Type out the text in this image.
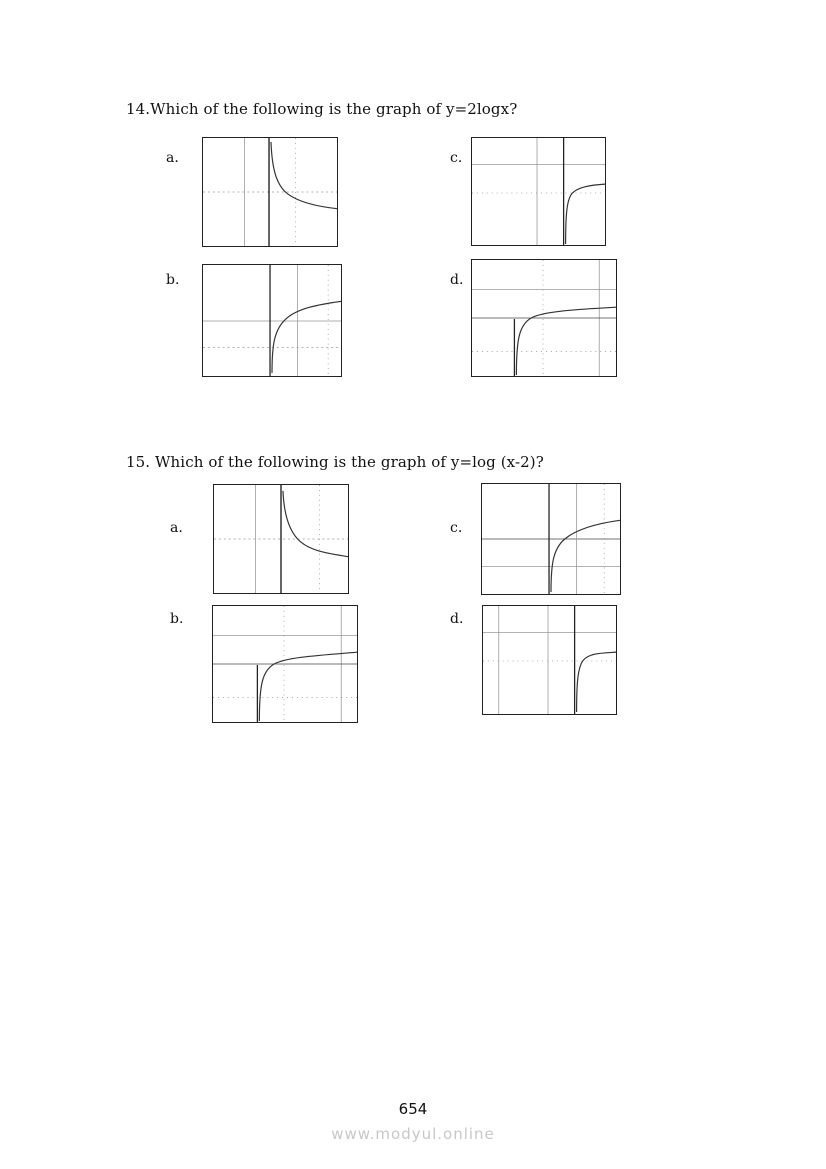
14.Which of the following is the graph of y=2logx?
a.	c.
b.	d.
15. Which of the following is the graph of y=log (x-2)?
a.	c.
b.	d.
654
www.modyul.online
